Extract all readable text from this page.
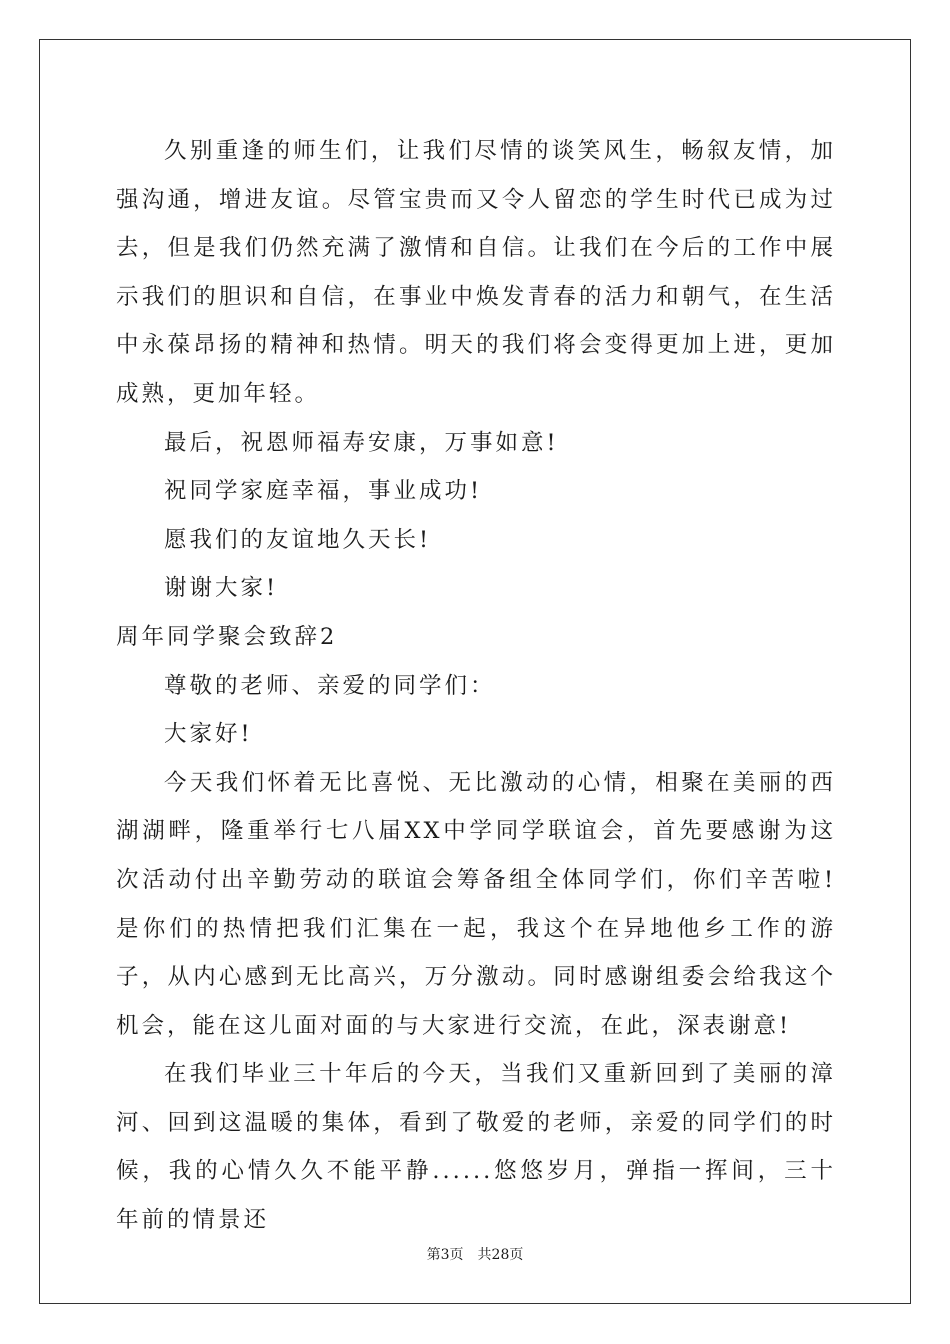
久别重逢的师生们，让我们尽情的谈笑风生，畅叙友情，加强沟通，增进友谊。尽管宝贵而又令人留恋的学生时代已成为过去，但是我们仍然充满了激情和自信。让我们在今后的工作中展示我们的胆识和自信，在事业中焕发青春的活力和朝气，在生活中永葆昂扬的精神和热情。明天的我们将会变得更加上进，更加成熟，更加年轻。

最后，祝恩师福寿安康，万事如意!

祝同学家庭幸福，事业成功!

愿我们的友谊地久天长!

谢谢大家!

周年同学聚会致辞2

尊敬的老师、亲爱的同学们：

大家好!

今天我们怀着无比喜悦、无比激动的心情，相聚在美丽的西湖湖畔，隆重举行七八届XX中学同学联谊会，首先要感谢为这次活动付出辛勤劳动的联谊会筹备组全体同学们，你们辛苦啦!是你们的热情把我们汇集在一起，我这个在异地他乡工作的游子，从内心感到无比高兴，万分激动。同时感谢组委会给我这个机会，能在这儿面对面的与大家进行交流，在此，深表谢意!

在我们毕业三十年后的今天，当我们又重新回到了美丽的漳河、回到这温暖的集体，看到了敬爱的老师，亲爱的同学们的时候，我的心情久久不能平静......悠悠岁月，弹指一挥间，三十年前的情景还

第3页 共28页
